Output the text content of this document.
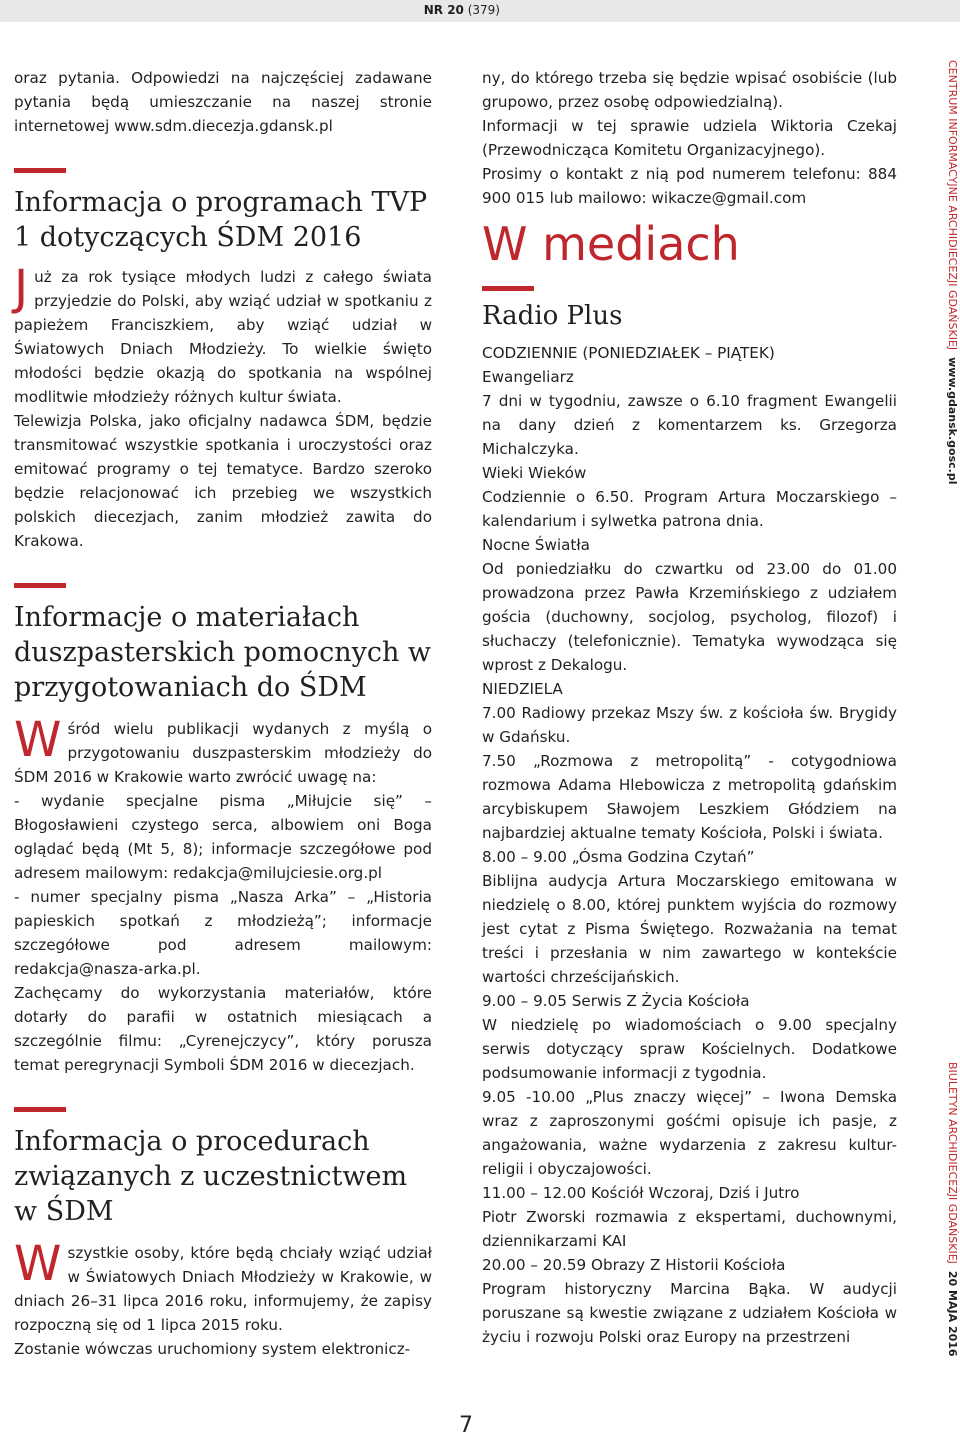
NR 20 (379)

oraz pytania. Odpowiedzi na najczęściej zadawane pytania będą umieszczanie na naszej stronie internetowej www.sdm.diecezja.gdansk.pl

Informacja o programach TVP 1 dotyczących ŚDM 2016

Już za rok tysiące młodych ludzi z całego świata przyjedzie do Polski, aby wziąć udział w spotkaniu z papieżem Franciszkiem, aby wziąć udział w Światowych Dniach Młodzieży. To wielkie święto młodości będzie okazją do spotkania na wspólnej modlitwie młodzieży różnych kultur świata.

Telewizja Polska, jako oficjalny nadawca ŚDM, będzie transmitować wszystkie spotkania i uroczystości oraz emitować programy o tej tematyce. Bardzo szeroko będzie relacjonować ich przebieg we wszystkich polskich diecezjach, zanim młodzież zawita do Krakowa.

Informacje o materiałach duszpasterskich pomocnych w przygotowaniach do ŚDM

Wśród wielu publikacji wydanych z myślą o przygotowaniu duszpasterskim młodzieży do ŚDM 2016 w Krakowie warto zwrócić uwagę na:

- wydanie specjalne pisma „Miłujcie się” – Błogosławieni czystego serca, albowiem oni Boga oglądać będą (Mt 5, 8); informacje szczegółowe pod adresem mailowym: redakcja@milujciesie.org.pl

- numer specjalny pisma „Nasza Arka” – „Historia papieskich spotkań z młodzieżą”; informacje szczegółowe pod adresem mailowym: redakcja@nasza-arka.pl.

Zachęcamy do wykorzystania materiałów, które dotarły do parafii w ostatnich miesiącach a szczególnie filmu: „Cyrenejczycy”, który porusza temat peregrynacji Symboli ŚDM 2016 w diecezjach.

Informacja o procedurach związanych z uczestnictwem w ŚDM

Wszystkie osoby, które będą chciały wziąć udział w Światowych Dniach Młodzieży w Krakowie, w dniach 26–31 lipca 2016 roku, informujemy, że zapisy rozpoczną się od 1 lipca 2015 roku.

Zostanie wówczas uruchomiony system elektronicz-

ny, do którego trzeba się będzie wpisać osobiście (lub grupowo, przez osobę odpowiedzialną).

Informacji w tej sprawie udziela Wiktoria Czekaj (Przewodnicząca Komitetu Organizacyjnego).

Prosimy o kontakt z nią pod numerem telefonu: 884 900 015 lub mailowo: wikacze@gmail.com

W mediach
Radio Plus

CODZIENNIE (PONIEDZIAŁEK – PIĄTEK)

Ewangeliarz

7 dni w tygodniu, zawsze o 6.10 fragment Ewangelii na dany dzień z komentarzem ks. Grzegorza Michalczyka.

Wieki Wieków

Codziennie o 6.50. Program Artura Moczarskiego – kalendarium i sylwetka patrona dnia.

Nocne Światła

Od poniedziałku do czwartku od 23.00 do 01.00 prowadzona przez Pawła Krzemińskiego z udziałem gościa (duchowny, socjolog, psycholog, filozof) i słuchaczy (telefonicznie). Tematyka wywodząca się wprost z Dekalogu.

NIEDZIELA

7.00 Radiowy przekaz Mszy św. z kościoła św. Brygidy w Gdańsku.

7.50 „Rozmowa z metropolitą” - cotygodniowa rozmowa Adama Hlebowicza z metropolitą gdańskim arcybiskupem Sławojem Leszkiem Głódziem na najbardziej aktualne tematy Kościoła, Polski i świata.

8.00 – 9.00 „Ósma Godzina Czytań”

Biblijna audycja Artura Moczarskiego emitowana w niedzielę o 8.00, której punktem wyjścia do rozmowy jest cytat z Pisma Świętego. Rozważania na temat treści i przesłania w nim zawartego w kontekście wartości chrześcijańskich.

9.00 – 9.05 Serwis Z Życia Kościoła

W niedzielę po wiadomościach o 9.00 specjalny serwis dotyczący spraw Kościelnych. Dodatkowe podsumowanie informacji z tygodnia.

9.05 -10.00 „Plus znaczy więcej” – Iwona Demska wraz z zaproszonymi gośćmi opisuje ich pasje, z angażowania, ważne wydarzenia z zakresu kultur-religii i obyczajowości.

11.00 – 12.00 Kościół Wczoraj, Dziś i Jutro

Piotr Zworski rozmawia z ekspertami, duchownymi, dziennikarzami KAI

20.00 – 20.59 Obrazy Z Historii Kościoła

Program historyczny Marcina Bąka. W audycji poruszane są kwestie związane z udziałem Kościoła w życiu i rozwoju Polski oraz Europy na przestrzeni

CENTRUM INFORMACYJNE ARCHIDIECEZJI GDAŃSKIEJ  www.gdansk.gosc.pl
BIULETYN ARCHIDIECEZJI GDAŃSKIEJ  20 MAJA 2016
7
